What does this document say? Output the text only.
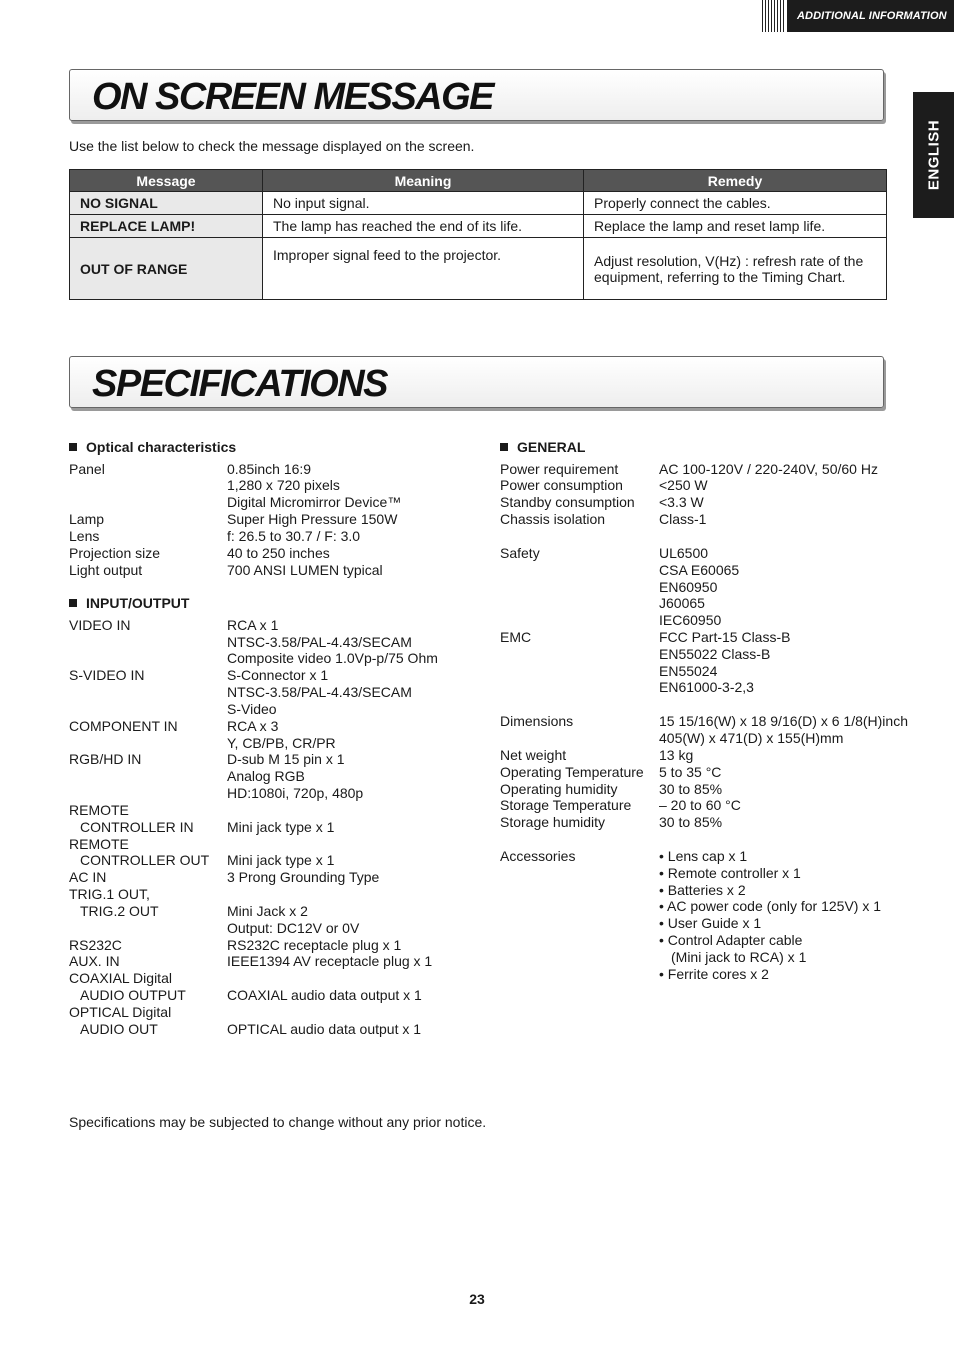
ADDITIONAL INFORMATION
ENGLISH
ON SCREEN MESSAGE
Use the list below to check the message displayed on the screen.
Message	Meaning	Remedy
NO SIGNAL	No input signal.	Properly connect the cables.
REPLACE LAMP!	The lamp has reached the end of its life.	Replace the lamp and reset lamp life.
OUT OF RANGE	Improper signal feed to the projector.	Adjust resolution, V(Hz) : refresh rate of the equipment, referring to the Timing Chart.
SPECIFICATIONS
Optical characteristics
Panel	0.85inch 16:9
1,280 x 720 pixels
Digital Micromirror Device™
Lamp	Super High Pressure 150W
Lens	f: 26.5 to 30.7 / F: 3.0
Projection size	40 to 250 inches
Light output	700 ANSI LUMEN typical
INPUT/OUTPUT
VIDEO IN	RCA x 1
NTSC-3.58/PAL-4.43/SECAM
Composite video 1.0Vp-p/75 Ohm
S-VIDEO IN	S-Connector x 1
NTSC-3.58/PAL-4.43/SECAM
S-Video
COMPONENT IN	RCA x 3
Y, CB/PB, CR/PR
RGB/HD IN	D-sub M 15 pin x 1
Analog RGB
HD:1080i, 720p, 480p
REMOTE
CONTROLLER IN Mini jack type x 1
REMOTE
CONTROLLER OUT Mini jack type x 1
AC IN	3 Prong Grounding Type
TRIG.1 OUT,
TRIG.2 OUT	Mini Jack x 2
Output: DC12V or 0V
RS232C	RS232C receptacle plug x 1
AUX. IN	IEEE1394 AV receptacle plug x 1
COAXIAL Digital
AUDIO OUTPUT	COAXIAL audio data output x 1
OPTICAL Digital
AUDIO OUT	OPTICAL audio data output x 1
GENERAL
Power requirement	AC 100-120V / 220-240V, 50/60 Hz
Power consumption	<250 W
Standby consumption <3.3 W
Chassis isolation	Class-1
Safety	UL6500
CSA E60065
EN60950
J60065
IEC60950
EMC	FCC Part-15 Class-B
EN55022 Class-B
EN55024
EN61000-3-2,3
Dimensions	15 15/16(W) x 18 9/16(D) x 6 1/8(H)inch
405(W) x 471(D) x 155(H)mm
Net weight	13 kg
Operating Temperature 5 to 35 °C
Operating humidity	30 to 85%
Storage Temperature – 20 to 60 °C
Storage humidity	30 to 85%
Accessories	• Lens cap x 1
• Remote controller x 1
• Batteries x 2
• AC power code (only for 125V) x 1
• User Guide x 1
• Control Adapter cable
(Mini jack to RCA) x 1
• Ferrite cores x 2
Specifications may be subjected to change without any prior notice.
23
